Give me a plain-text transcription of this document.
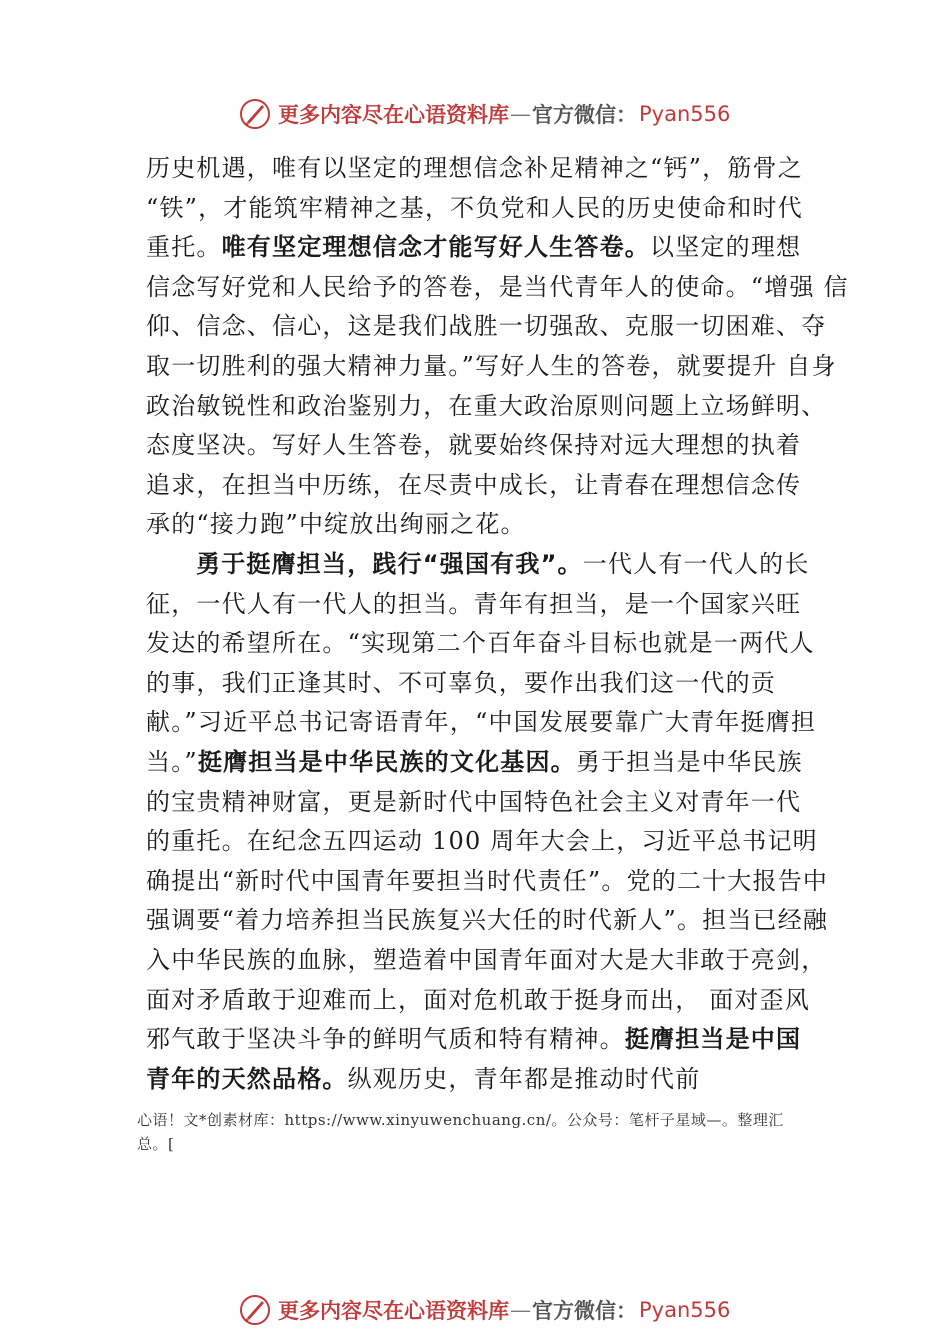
更多内容尽在心语资料库 — 官方微信： Pyan556
历史机遇，唯有以坚定的理想信念补足精神之“钙”，筋骨之
“铁”，才能筑牢精神之基，不负党和人民的历史使命和时代
重托。唯有坚定理想信念才能写好人生答卷。以坚定的理想
信念写好党和人民给予的答卷，是当代青年人的使命。“增强 信
仰、信念、信心，这是我们战胜一切强敌、克服一切困难、夺
取一切胜利的强大精神力量。”写好人生的答卷，就要提升 自身
政治敏锐性和政治鉴别力，在重大政治原则问题上立场鲜明、
态度坚决。写好人生答卷，就要始终保持对远大理想的执着
追求，在担当中历练，在尽责中成长，让青春在理想信念传
承的“接力跑”中绽放出绚丽之花。
勇于挺膺担当，践行“强国有我”。一代人有一代人的长
征，一代人有一代人的担当。青年有担当，是一个国家兴旺
发达的希望所在。“实现第二个百年奋斗目标也就是一两代人
的事，我们正逢其时、不可辜负，要作出我们这一代的贡
献。”习近平总书记寄语青年，“中国发展要靠广大青年挺膺担
当。”挺膺担当是中华民族的文化基因。勇于担当是中华民族
的宝贵精神财富，更是新时代中国特色社会主义对青年一代
的重托。在纪念五四运动 100 周年大会上，习近平总书记明
确提出“新时代中国青年要担当时代责任”。党的二十大报告中
强调要“着力培养担当民族复兴大任的时代新人”。担当已经融
入中华民族的血脉，塑造着中国青年面对大是大非敢于亮剑，
面对矛盾敢于迎难而上，面对危机敢于挺身而出， 面对歪风
邪气敢于坚决斗争的鲜明气质和特有精神。挺膺担当是中国
青年的天然品格。纵观历史，青年都是推动时代前
心语！文*创素材库：https://www.xinyuwenchuang.cn/。公众号：笔杆子星域—。整理汇
总。[
更多内容尽在心语资料库 — 官方微信： Pyan556
